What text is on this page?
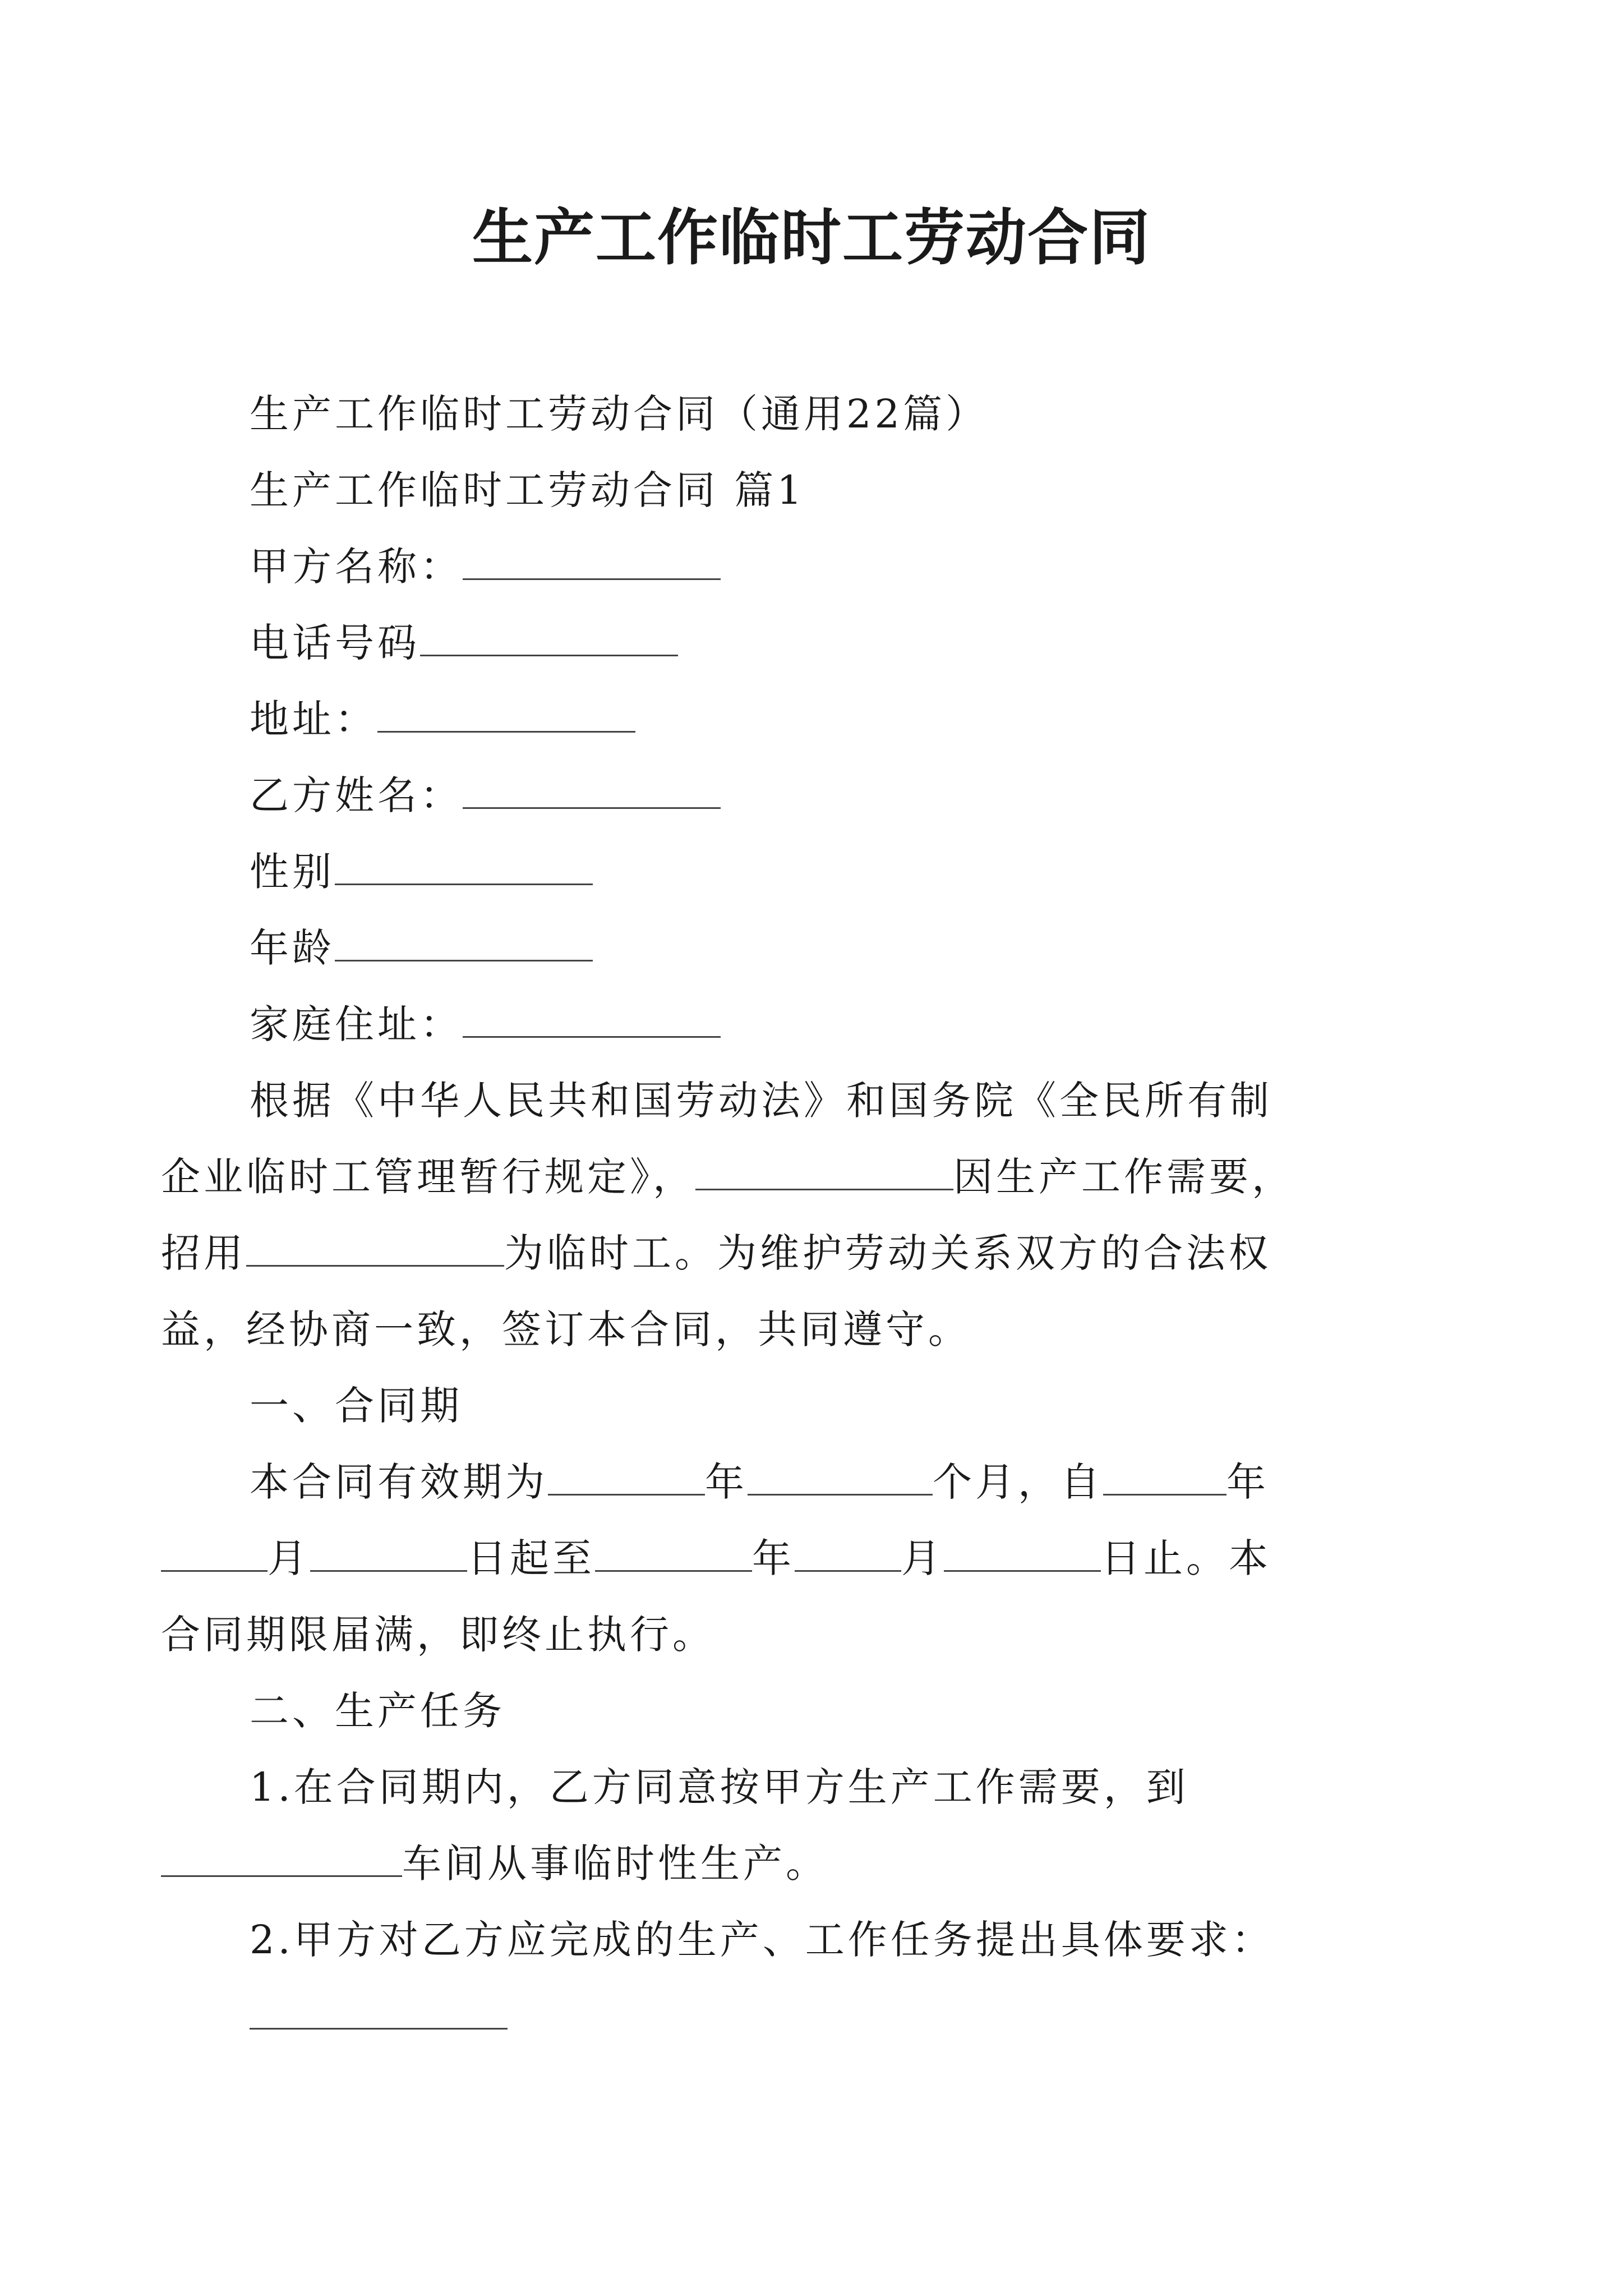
生产工作临时工劳动合同

生产工作临时工劳动合同（通用22篇）

生产工作临时工劳动合同 篇1

甲方名称：

电话号码

地址：

乙方姓名：

性别

年龄

家庭住址：

根据《中华人民共和国劳动法》和国务院《全民所有制

企业临时工管理暂行规定》，	因生产工作需要，

招用	为临时工。为维护劳动关系双方的合法权

益，经协商一致，签订本合同，共同遵守。

一、合同期

本合同有效期为	年	个月，自	年

月	日起至	年	月	日止。本

合同期限届满，即终止执行。

二、生产任务

1.在合同期内，乙方同意按甲方生产工作需要，到

车间从事临时性生产。

2.甲方对乙方应完成的生产、工作任务提出具体要求：
